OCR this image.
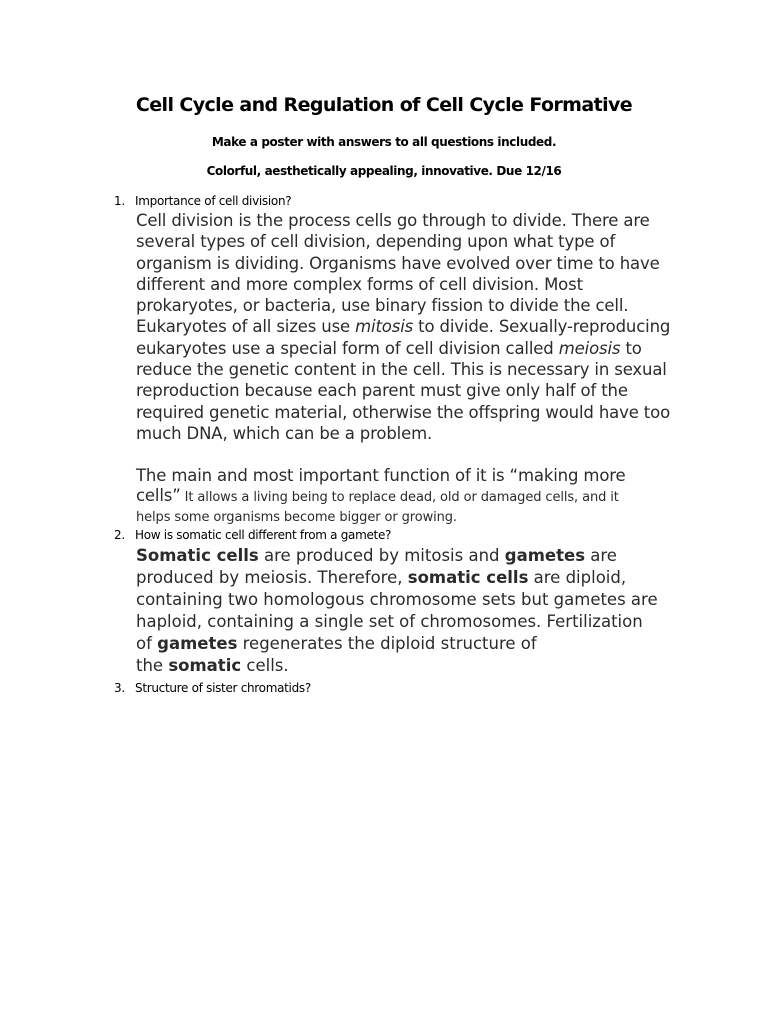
Cell Cycle and Regulation of Cell Cycle Formative
Make a poster with answers to all questions included.
Colorful, aesthetically appealing, innovative. Due 12/16
1. Importance of cell division?

Cell division is the process cells go through to divide. There are

several types of cell division, depending upon what type of

organism is dividing. Organisms have evolved over time to have

different and more complex forms of cell division. Most

prokaryotes, or bacteria, use binary fission to divide the cell.

Eukaryotes of all sizes use mitosis to divide. Sexually-reproducing

eukaryotes use a special form of cell division called meiosis to

reduce the genetic content in the cell. This is necessary in sexual

reproduction because each parent must give only half of the

required genetic material, otherwise the offspring would have too

much DNA, which can be a problem.

The main and most important function of it is “making more

cells” It allows a living being to replace dead, old or damaged cells, and it

helps some organisms become bigger or growing.

2. How is somatic cell different from a gamete?

Somatic cells are produced by mitosis and gametes are

produced by meiosis. Therefore, somatic cells are diploid,

containing two homologous chromosome sets but gametes are

haploid, containing a single set of chromosomes. Fertilization

of gametes regenerates the diploid structure of

the somatic cells.

3. Structure of sister chromatids?
